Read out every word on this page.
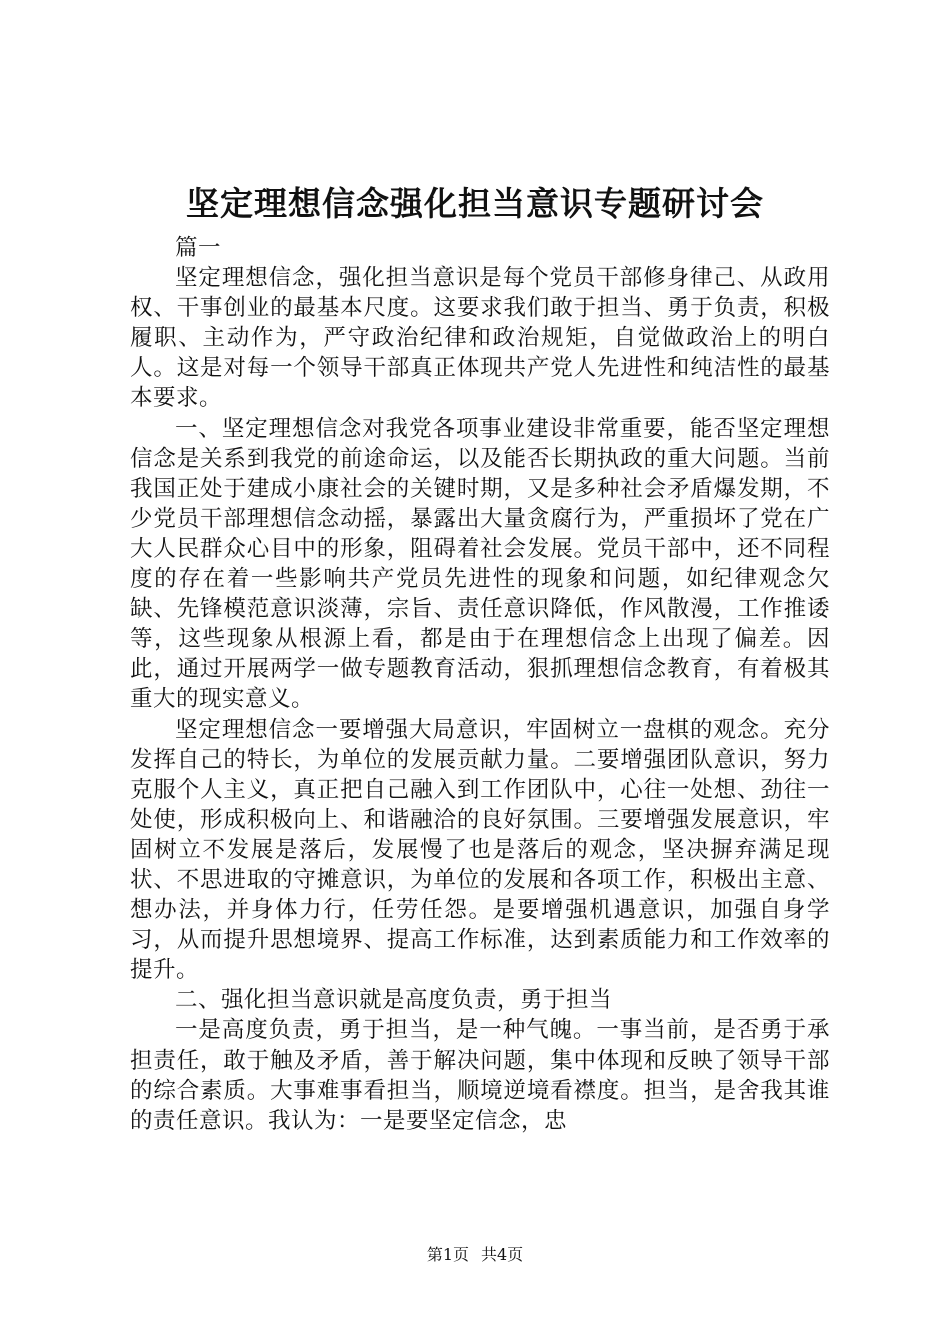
坚定理想信念强化担当意识专题研讨会

篇一

坚定理想信念，强化担当意识是每个党员干部修身律己、从政用权、干事创业的最基本尺度。这要求我们敢于担当、勇于负责，积极履职、主动作为，严守政治纪律和政治规矩，自觉做政治上的明白人。这是对每一个领导干部真正体现共产党人先进性和纯洁性的最基本要求。

一、坚定理想信念对我党各项事业建设非常重要，能否坚定理想信念是关系到我党的前途命运，以及能否长期执政的重大问题。当前我国正处于建成小康社会的关键时期，又是多种社会矛盾爆发期，不少党员干部理想信念动摇，暴露出大量贪腐行为，严重损坏了党在广大人民群众心目中的形象，阻碍着社会发展。党员干部中，还不同程度的存在着一些影响共产党员先进性的现象和问题，如纪律观念欠缺、先锋模范意识淡薄，宗旨、责任意识降低，作风散漫，工作推诿等，这些现象从根源上看，都是由于在理想信念上出现了偏差。因此，通过开展两学一做专题教育活动，狠抓理想信念教育，有着极其重大的现实意义。

坚定理想信念一要增强大局意识，牢固树立一盘棋的观念。充分发挥自己的特长，为单位的发展贡献力量。二要增强团队意识，努力克服个人主义，真正把自己融入到工作团队中，心往一处想、劲往一处使，形成积极向上、和谐融洽的良好氛围。三要增强发展意识，牢固树立不发展是落后，发展慢了也是落后的观念，坚决摒弃满足现状、不思进取的守摊意识，为单位的发展和各项工作，积极出主意、想办法，并身体力行，任劳任怨。是要增强机遇意识，加强自身学习，从而提升思想境界、提高工作标准，达到素质能力和工作效率的提升。

二、强化担当意识就是高度负责，勇于担当

一是高度负责，勇于担当，是一种气魄。一事当前，是否勇于承担责任，敢于触及矛盾，善于解决问题，集中体现和反映了领导干部的综合素质。大事难事看担当，顺境逆境看襟度。担当，是舍我其谁的责任意识。我认为：一是要坚定信念，忠

第1页 共4页
